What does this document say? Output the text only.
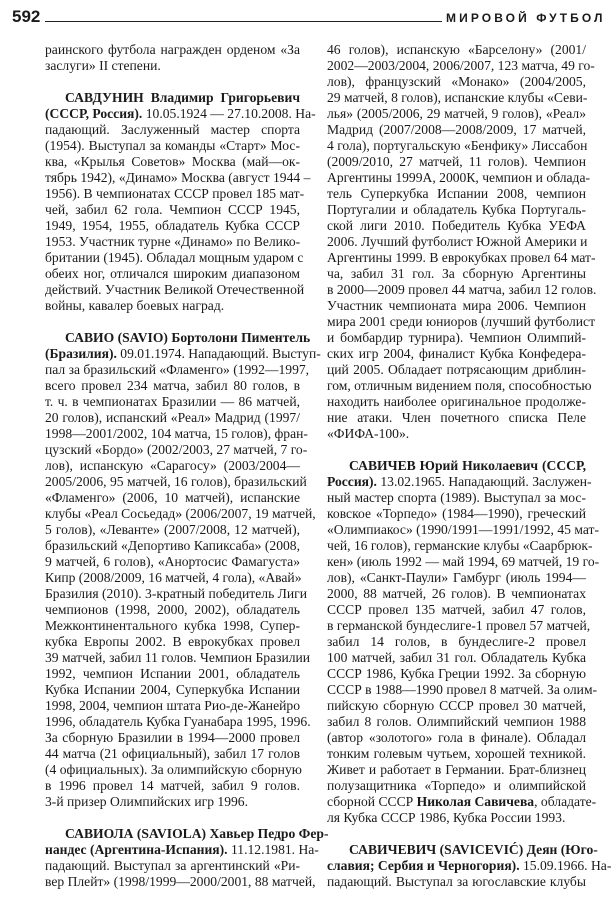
592	МИРОВОЙ ФУТБОЛ
раинского футбола награжден орденом «За
заслуги» II степени.
САВДУНИН Владимир Григорьевич
(СССР, Россия). 10.05.1924 — 27.10.2008. На-
падающий. Заслуженный мастер спорта
(1954). Выступал за команды «Старт» Мос-
ква, «Крылья Советов» Москва (май—ок-
тябрь 1942), «Динамо» Москва (август 1944 –
1956). В чемпионатах СССР провел 185 мат-
чей, забил 62 гола. Чемпион СССР 1945,
1949, 1954, 1955, обладатель Кубка СССР
1953. Участник турне «Динамо» по Велико-
британии (1945). Обладал мощным ударом с
обеих ног, отличался широким диапазоном
действий. Участник Великой Отечественной
войны, кавалер боевых наград.
САВИО (SAVIO) Бортолони Пиментель
(Бразилия). 09.01.1974. Нападающий. Выступ-
пал за бразильский «Фламенго» (1992—1997,
всего провел 234 матча, забил 80 голов, в
т. ч. в чемпионатах Бразилии — 86 матчей,
20 голов), испанский «Реал» Мадрид (1997/
1998—2001/2002, 104 матча, 15 голов), фран-
цузский «Бордо» (2002/2003, 27 матчей, 7 го-
лов), испанскую «Сарагосу» (2003/2004—
2005/2006, 95 матчей, 16 голов), бразильский
«Фламенго» (2006, 10 матчей), испанские
клубы «Реал Сосьедад» (2006/2007, 19 матчей,
5 голов), «Леванте» (2007/2008, 12 матчей),
бразильский «Депортиво Капиксаба» (2008,
9 матчей, 6 голов), «Анортосис Фамагуста»
Кипр (2008/2009, 16 матчей, 4 гола), «Авай»
Бразилия (2010). 3-кратный победитель Лиги
чемпионов (1998, 2000, 2002), обладатель
Межконтинентального кубка 1998, Супер-
кубка Европы 2002. В еврокубках провел
39 матчей, забил 11 голов. Чемпион Бразилии
1992, чемпион Испании 2001, обладатель
Кубка Испании 2004, Суперкубка Испании
1998, 2004, чемпион штата Рио-де-Жанейро
1996, обладатель Кубка Гуанабара 1995, 1996.
За сборную Бразилии в 1994—2000 провел
44 матча (21 официальный), забил 17 голов
(4 официальных). За олимпийскую сборную
в 1996 провел 14 матчей, забил 9 голов.
3-й призер Олимпийских игр 1996.
САВИОЛА (SAVIOLA) Хавьер Педро Фер-
нандес (Аргентина-Испания). 11.12.1981. На-
падающий. Выступал за аргентинский «Ри-
вер Плейт» (1998/1999—2000/2001, 88 матчей,
46 голов), испанскую «Барселону» (2001/
2002—2003/2004, 2006/2007, 123 матча, 49 го-
лов), французский «Монако» (2004/2005,
29 матчей, 8 голов), испанские клубы «Севи-
лья» (2005/2006, 29 матчей, 9 голов), «Реал»
Мадрид (2007/2008—2008/2009, 17 матчей,
4 гола), португальскую «Бенфику» Лиссабон
(2009/2010, 27 матчей, 11 голов). Чемпион
Аргентины 1999А, 2000К, чемпион и облада-
тель Суперкубка Испании 2008, чемпион
Португалии и обладатель Кубка Португаль-
ской лиги 2010. Победитель Кубка УЕФА
2006. Лучший футболист Южной Америки и
Аргентины 1999. В еврокубках провел 64 мат-
ча, забил 31 гол. За сборную Аргентины
в 2000—2009 провел 44 матча, забил 12 голов.
Участник чемпионата мира 2006. Чемпион
мира 2001 среди юниоров (лучший футболист
и бомбардир турнира). Чемпион Олимпий-
ских игр 2004, финалист Кубка Конфедера-
ций 2005. Обладает потрясающим дриблин-
гом, отличным видением поля, способностью
находить наиболее оригинальное продолже-
ние атаки. Член почетного списка Пеле
«ФИФА-100».
САВИЧЕВ Юрий Николаевич (СССР,
Россия). 13.02.1965. Нападающий. Заслужен-
ный мастер спорта (1989). Выступал за мос-
ковское «Торпедо» (1984—1990), греческий
«Олимпиакос» (1990/1991—1991/1992, 45 мат-
чей, 16 голов), германские клубы «Саарбрюк-
кен» (июль 1992 — май 1994, 69 матчей, 19 го-
лов), «Санкт-Паули» Гамбург (июль 1994—
2000, 88 матчей, 26 голов). В чемпионатах
СССР провел 135 матчей, забил 47 голов,
в германской бундеслиге-1 провел 57 матчей,
забил 14 голов, в бундеслиге-2 провел
100 матчей, забил 31 гол. Обладатель Кубка
СССР 1986, Кубка Греции 1992. За сборную
СССР в 1988—1990 провел 8 матчей. За олим-
пийскую сборную СССР провел 30 матчей,
забил 8 голов. Олимпийский чемпион 1988
(автор «золотого» гола в финале). Обладал
тонким голевым чутьем, хорошей техникой.
Живет и работает в Германии. Брат-близнец
полузащитника «Торпедо» и олимпийской
сборной СССР Николая Савичева, обладате-
ля Кубка СССР 1986, Кубка России 1993.
САВИЧЕВИЧ (SAVICEVIĆ) Деян (Юго-
славия; Сербия и Черногория). 15.09.1966. На-
падающий. Выступал за югославские клубы
